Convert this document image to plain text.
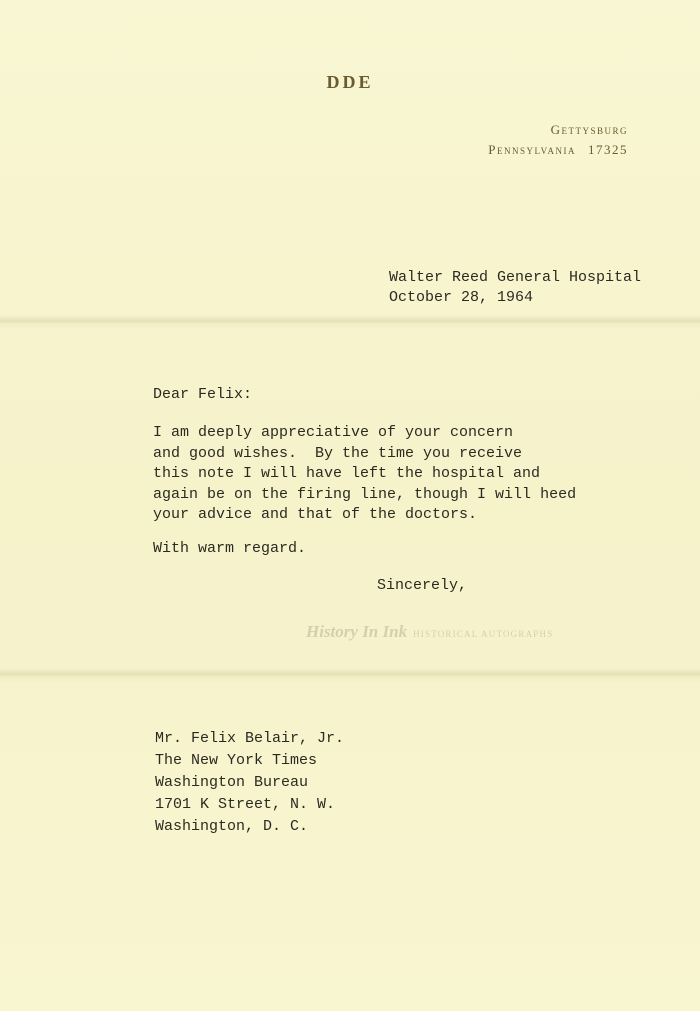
DDE
Gettysburg
Pennsylvania 17325
Walter Reed General Hospital
October 28, 1964
Dear Felix:
I am deeply appreciative of your concern
and good wishes.  By the time you receive
this note I will have left the hospital and
again be on the firing line, though I will heed
your advice and that of the doctors.
With warm regard.
Sincerely,
History In Ink HISTORICAL AUTOGRAPHS
Mr. Felix Belair, Jr.
The New York Times
Washington Bureau
1701 K Street, N. W.
Washington, D. C.
